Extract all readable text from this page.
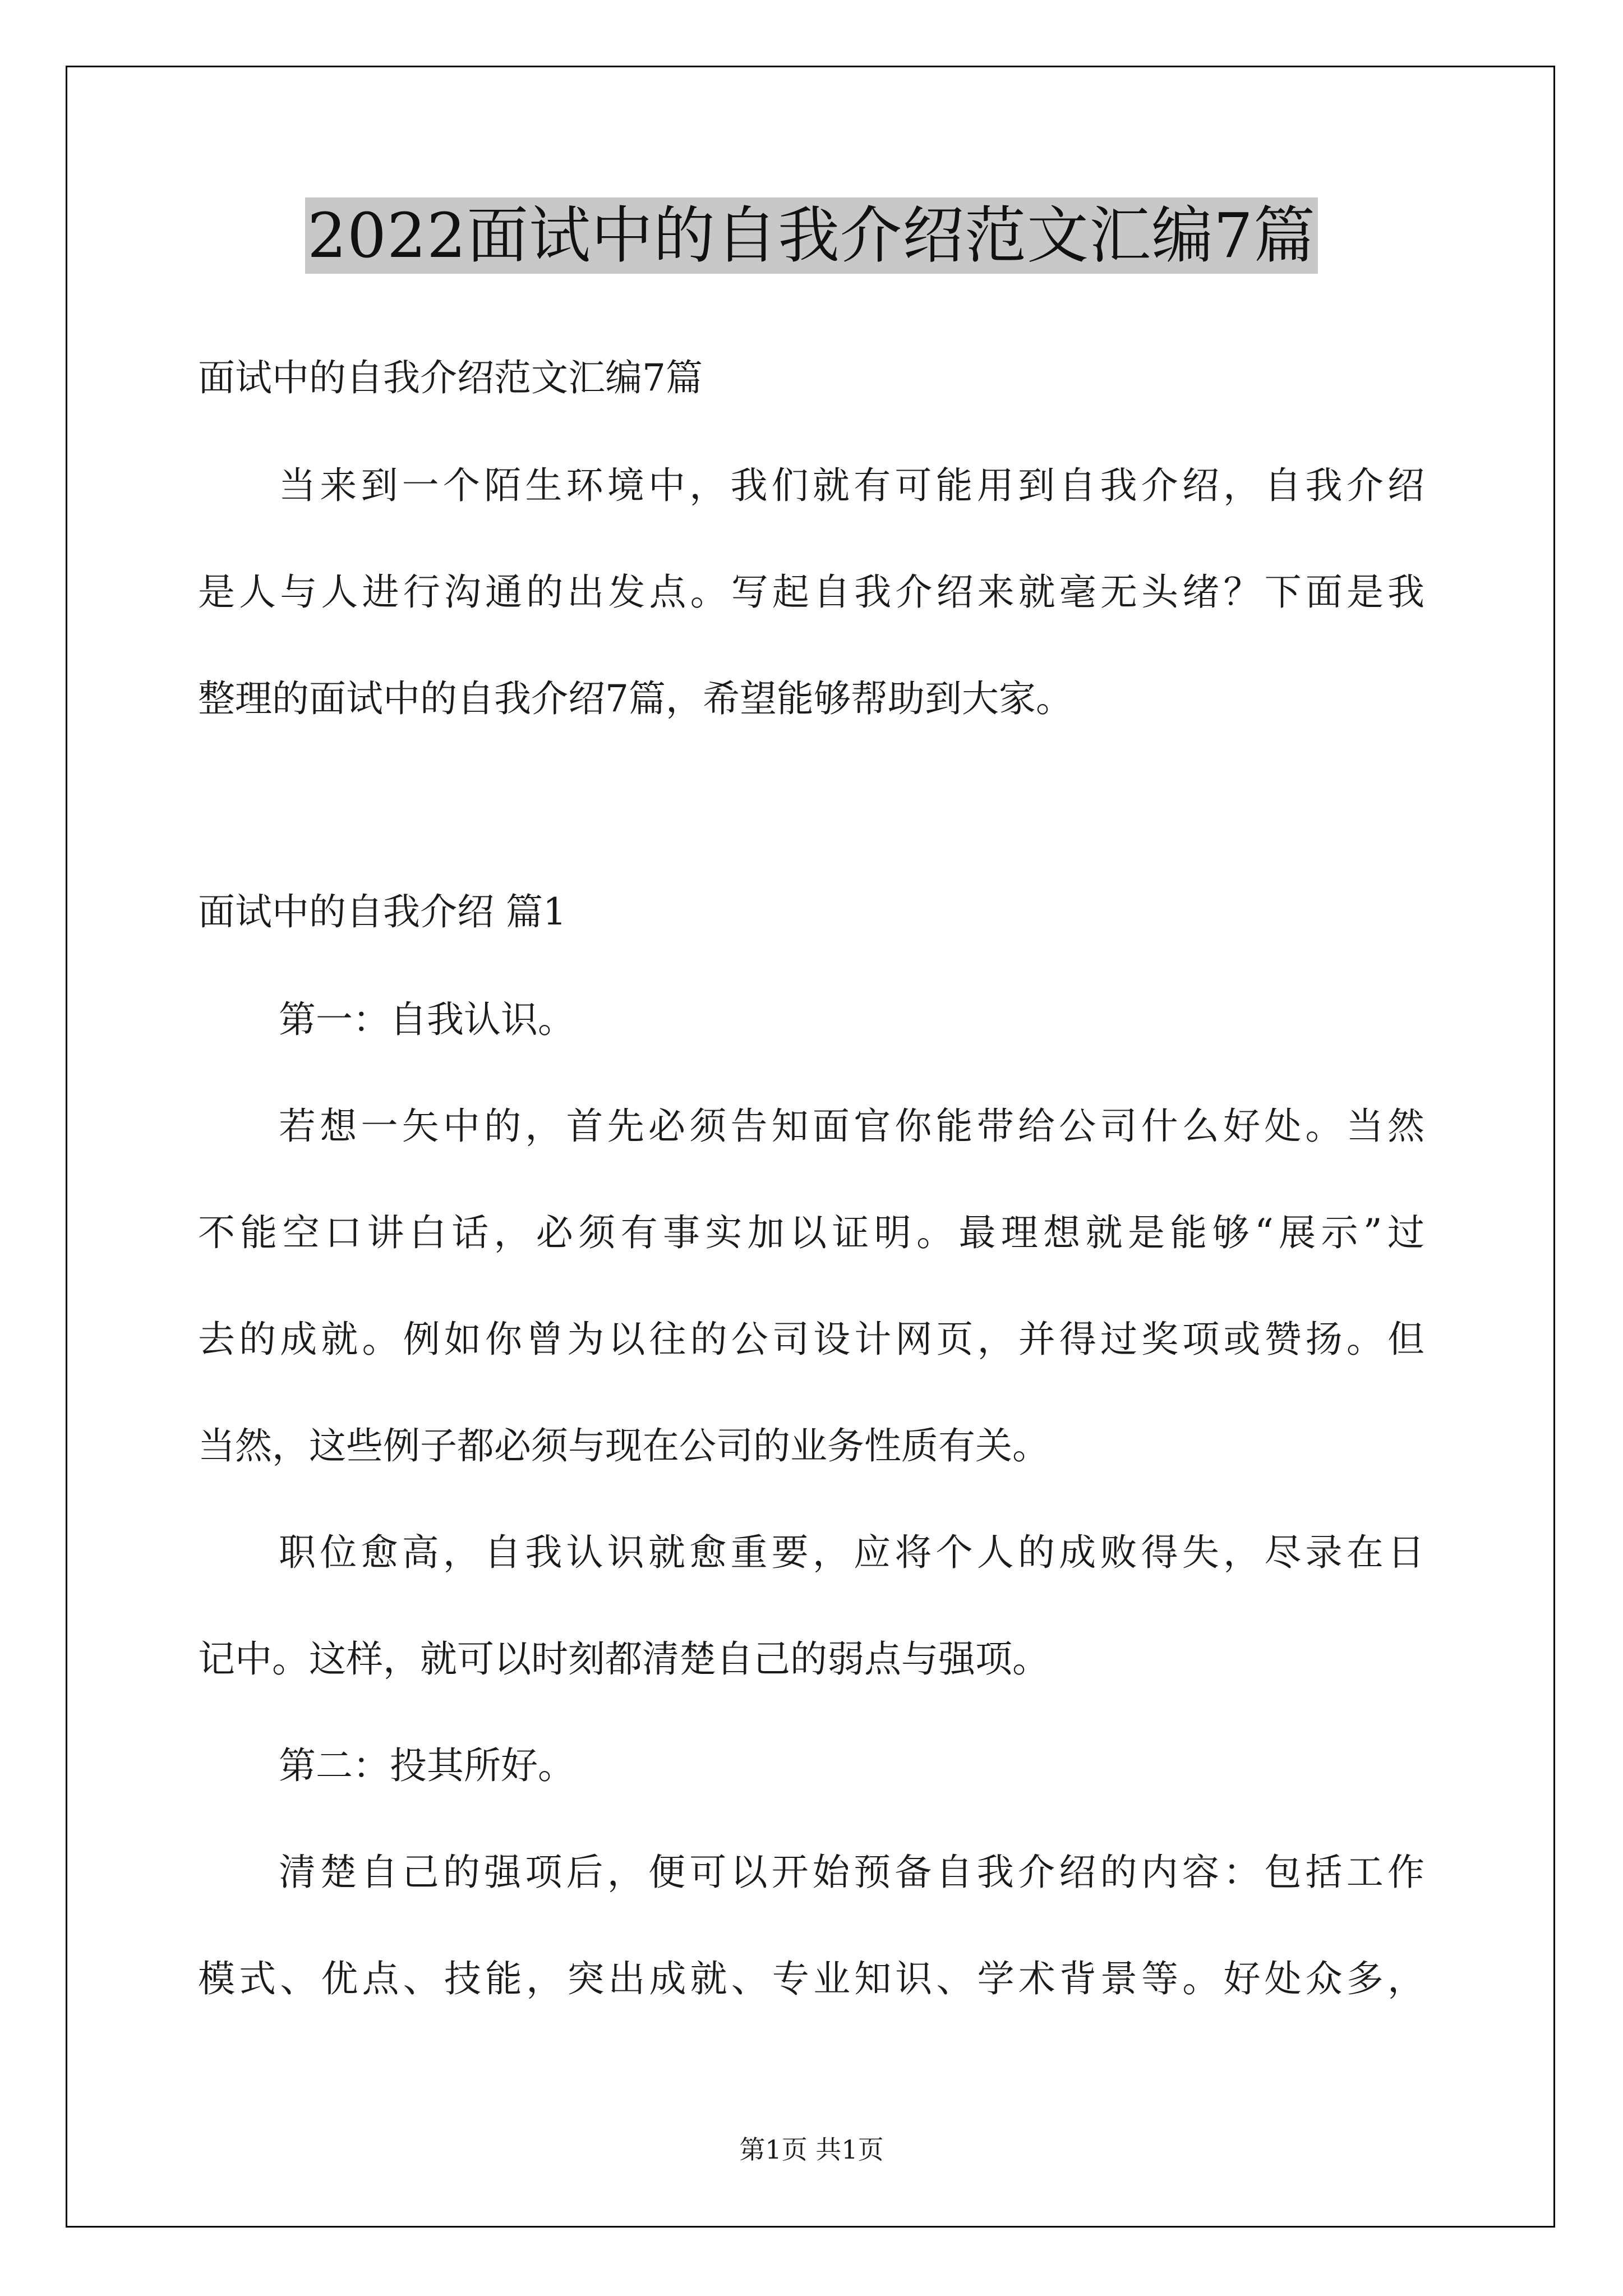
2022面试中的自我介绍范文汇编7篇
面试中的自我介绍范文汇编7篇
当来到一个陌生环境中，我们就有可能用到自我介绍，自我介绍
是人与人进行沟通的出发点。写起自我介绍来就毫无头绪？下面是我
整理的面试中的自我介绍7篇，希望能够帮助到大家。
面试中的自我介绍 篇1
第一：自我认识。
若想一矢中的，首先必须告知面官你能带给公司什么好处。当然
不能空口讲白话，必须有事实加以证明。最理想就是能够“展示”过
去的成就。例如你曾为以往的公司设计网页，并得过奖项或赞扬。但
当然，这些例子都必须与现在公司的业务性质有关。
职位愈高，自我认识就愈重要，应将个人的成败得失，尽录在日
记中。这样，就可以时刻都清楚自己的弱点与强项。
第二：投其所好。
清楚自己的强项后，便可以开始预备自我介绍的内容：包括工作
模式、优点、技能，突出成就、专业知识、学术背景等。好处众多，
第1页 共1页
